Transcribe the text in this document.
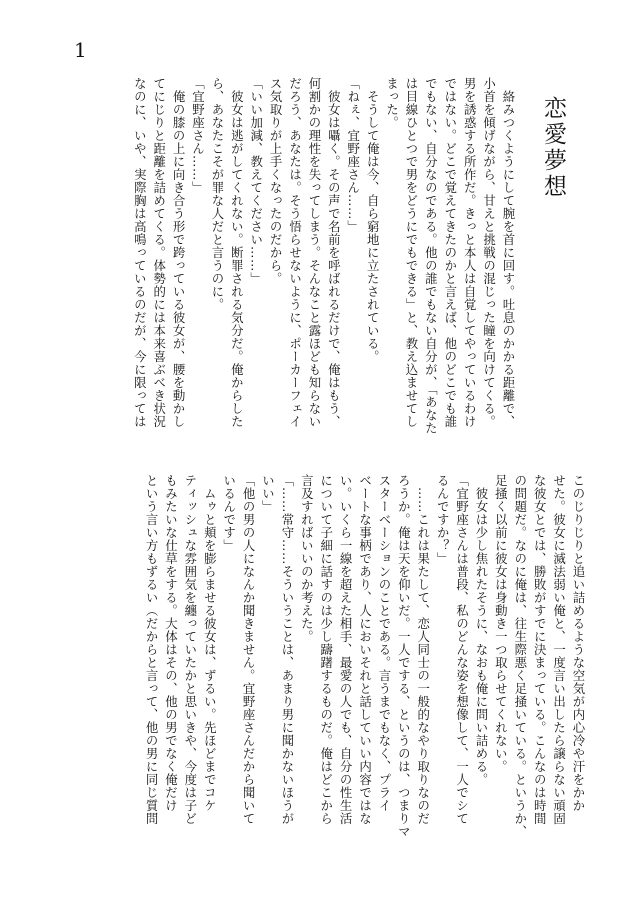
1
恋愛夢想
　絡みつくようにして腕を首に回す。吐息のかかる距離で、
小首を傾げながら、甘えと挑戦の混じった瞳を向けてくる。
男を誘惑する所作だ。きっと本人は自覚してやっているわけ
ではない。どこで覚えてきたのかと言えば、他のどこでも誰
でもない、自分なのである。他の誰でもない自分が、「あなた
は目線ひとつで男をどうにでもできる」と、教え込ませてし
まった。
　そうして俺は今、自ら窮地に立たされている。
「ねぇ、宜野座さん……」
　彼女は囁く。その声で名前を呼ばれるだけで、俺はもう、
何割かの理性を失ってしまう。そんなこと露ほども知らない
だろう、あなたは。そう悟らせないように、ポーカーフェイ
ス気取りが上手くなったのだから。
「いい加減、教えてください……」
　彼女は逃がしてくれない。断罪される気分だ。俺からした
ら、あなたこそが罪な人だと言うのに。
「宜野座さん……」
　俺の膝の上に向き合う形で跨っている彼女が、腰を動かし
てにじりと距離を詰めてくる。体勢的には本来喜ぶべき状況
なのに、いや、実際胸は高鳴っているのだが、今に限っては
このじりじりと追い詰めるような空気が内心冷や汗をかか
せた。彼女に滅法弱い俺と、一度言い出したら譲らない頑固
な彼女とでは、勝敗がすでに決まっている。こんなのは時間
の問題だ。なのに俺は、往生際悪く足掻いている。というか、
足掻く以前に彼女は身動き一つ取らせてくれない。
　彼女は少し焦れたそうに、なおも俺に問い詰める。
「宜野座さんは普段、私のどんな姿を想像して、一人でシて
るんですか？」
　……これは果たして、恋人同士の一般的なやり取りなのだ
ろうか。俺は天を仰いだ。一人でする、というのは、つまりマ
スターベーションのことである。言うまでもなく、プライ
ベートな事柄であり、人においそれと話していい内容ではな
い。いくら一線を超えた相手、最愛の人でも、自分の性生活
について子細に話すのは少し躊躇するものだ。俺はどこから
言及すればいいのか考えた。
「……常守……そういうことは、あまり男に聞かないほうが
いい」
「他の男の人になんか聞きません。宜野座さんだから聞いて
いるんです」
　ムゥと頬を膨らませる彼女は、ずるい。先ほどまでコケ
ティッシュな雰囲気を纏っていたかと思いきや、今度は子ど
もみたいな仕草をする。大体はその、他の男でなく俺だけ
という言い方もずるい（だからと言って、他の男に同じ質問
